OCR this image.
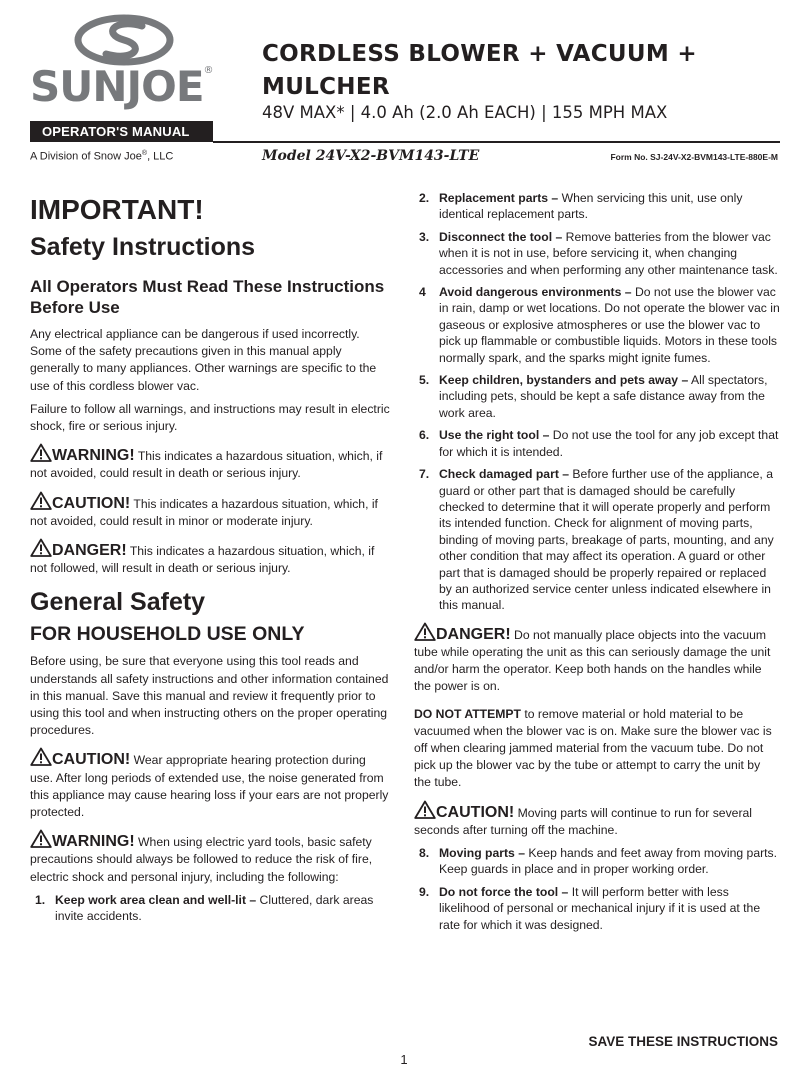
SUNJOE®
OPERATOR'S MANUAL
A Division of Snow Joe®, LLC
CORDLESS BLOWER + VACUUM + MULCHER
48V MAX* | 4.0 Ah (2.0 Ah EACH) | 155 MPH MAX
Model 24V-X2-BVM143-LTE	Form No. SJ-24V-X2-BVM143-LTE-880E-M
IMPORTANT!
Safety Instructions
All Operators Must Read These Instructions Before Use

Any electrical appliance can be dangerous if used incorrectly. Some of the safety precautions given in this manual apply generally to many appliances. Other warnings are specific to the use of this cordless blower vac.

Failure to follow all warnings, and instructions may result in electric shock, fire or serious injury.

WARNING! This indicates a hazardous situation, which, if not avoided, could result in death or serious injury.
CAUTION! This indicates a hazardous situation, which, if not avoided, could result in minor or moderate injury.
DANGER! This indicates a hazardous situation, which, if not followed, will result in death or serious injury.
General Safety
FOR HOUSEHOLD USE ONLY

Before using, be sure that everyone using this tool reads and understands all safety instructions and other information contained in this manual. Save this manual and review it frequently prior to using this tool and when instructing others on the proper operating procedures.

CAUTION! Wear appropriate hearing protection during use. After long periods of extended use, the noise generated from this appliance may cause hearing loss if your ears are not properly protected.
WARNING! When using electric yard tools, basic safety precautions should always be followed to reduce the risk of fire, electric shock and personal injury, including the following:
1. Keep work area clean and well-lit – Cluttered, dark areas invite accidents.
2. Replacement parts – When servicing this unit, use only identical replacement parts.
3. Disconnect the tool – Remove batteries from the blower vac when it is not in use, before servicing it, when changing accessories and when performing any other maintenance task.
4 Avoid dangerous environments – Do not use the blower vac in rain, damp or wet locations. Do not operate the blower vac in gaseous or explosive atmospheres or use the blower vac to pick up flammable or combustible liquids. Motors in these tools normally spark, and the sparks might ignite fumes.
5. Keep children, bystanders and pets away – All spectators, including pets, should be kept a safe distance away from the work area.
6. Use the right tool – Do not use the tool for any job except that for which it is intended.
7. Check damaged part – Before further use of the appliance, a guard or other part that is damaged should be carefully checked to determine that it will operate properly and perform its intended function. Check for alignment of moving parts, binding of moving parts, breakage of parts, mounting, and any other condition that may affect its operation. A guard or other part that is damaged should be properly repaired or replaced by an authorized service center unless indicated elsewhere in this manual.
DANGER! Do not manually place objects into the vacuum tube while operating the unit as this can seriously damage the unit and/or harm the operator. Keep both hands on the handles while the power is on.

DO NOT ATTEMPT to remove material or hold material to be vacuumed when the blower vac is on. Make sure the blower vac is off when clearing jammed material from the vacuum tube. Do not pick up the blower vac by the tube or attempt to carry the unit by the tube.

CAUTION! Moving parts will continue to run for several seconds after turning off the machine.
8. Moving parts – Keep hands and feet away from moving parts. Keep guards in place and in proper working order.
9. Do not force the tool – It will perform better with less likelihood of personal or mechanical injury if it is used at the rate for which it was designed.
SAVE THESE INSTRUCTIONS
1
